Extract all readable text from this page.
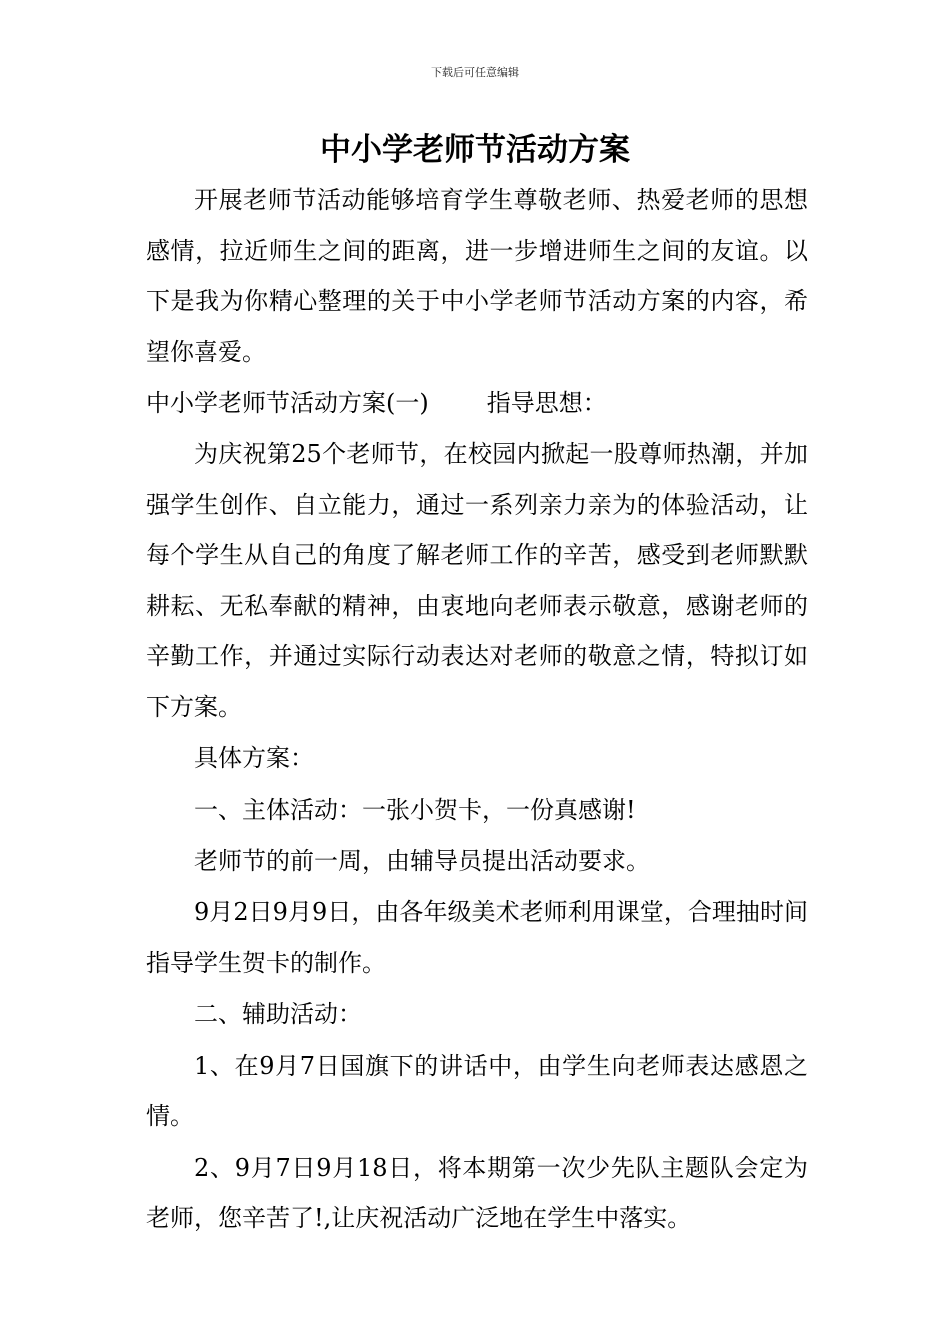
下载后可任意编辑
中小学老师节活动方案

开展老师节活动能够培育学生尊敬老师、热爱老师的思想感情，拉近师生之间的距离，进一步增进师生之间的友谊。以下是我为你精心整理的关于中小学老师节活动方案的内容，希望你喜爱。

中小学老师节活动方案(一) 指导思想：

为庆祝第25个老师节，在校园内掀起一股尊师热潮，并加强学生创作、自立能力，通过一系列亲力亲为的体验活动，让每个学生从自己的角度了解老师工作的辛苦，感受到老师默默耕耘、无私奉献的精神，由衷地向老师表示敬意，感谢老师的辛勤工作，并通过实际行动表达对老师的敬意之情，特拟订如下方案。

具体方案：

一、主体活动：一张小贺卡，一份真感谢!

老师节的前一周，由辅导员提出活动要求。

9月2日9月9日，由各年级美术老师利用课堂，合理抽时间指导学生贺卡的制作。

二、辅助活动：

1、在9月7日国旗下的讲话中，由学生向老师表达感恩之情。

2、9月7日9月18日，将本期第一次少先队主题队会定为老师，您辛苦了!,让庆祝活动广泛地在学生中落实。
